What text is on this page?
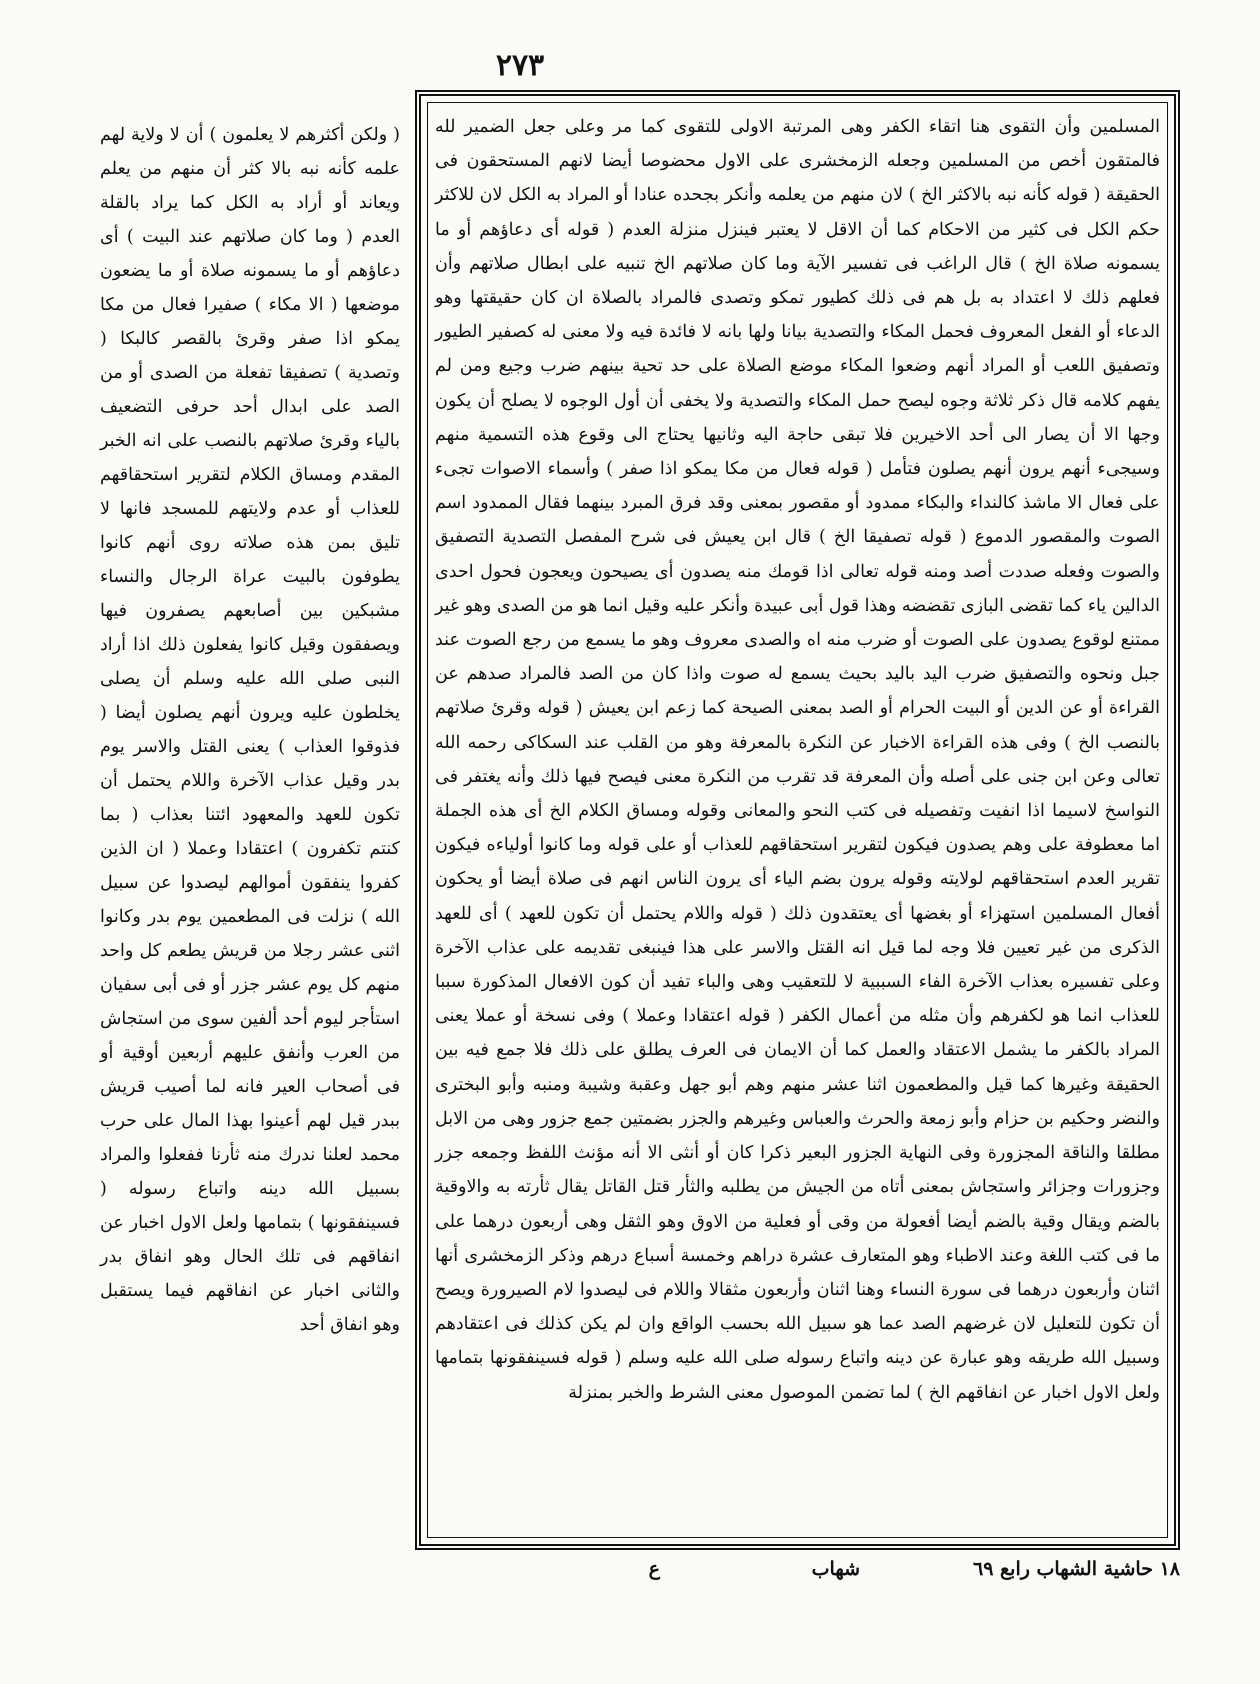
٢٧٣

( ولكن أكثرهم لا يعلمون ) أن لا ولاية لهم علمه كأنه نبه بالا كثر أن منهم من يعلم ويعاند أو أراد به الكل كما يراد بالقلة العدم ( وما كان صلاتهم عند البيت ) أى دعاؤهم أو ما يسمونه صلاة أو ما يضعون موضعها ( الا مكاء ) صفيرا فعال من مكا يمكو اذا صفر وقرئ بالقصر كالبكا ( وتصدية ) تصفيقا تفعلة من الصدى أو من الصد على ابدال أحد حرفى التضعيف بالياء وقرئ صلاتهم بالنصب على انه الخبر المقدم ومساق الكلام لتقرير استحقاقهم للعذاب أو عدم ولايتهم للمسجد فانها لا تليق بمن هذه صلاته روى أنهم كانوا يطوفون بالبيت عراة الرجال والنساء مشبكين بين أصابعهم يصفرون فيها ويصفقون وقيل كانوا يفعلون ذلك اذا أراد النبى صلى الله عليه وسلم أن يصلى يخلطون عليه ويرون أنهم يصلون أيضا ( فذوقوا العذاب ) يعنى القتل والاسر يوم بدر وقيل عذاب الآخرة واللام يحتمل أن تكون للعهد والمعهود ائتنا بعذاب ( بما كنتم تكفرون ) اعتقادا وعملا ( ان الذين كفروا ينفقون أموالهم ليصدوا عن سبيل الله ) نزلت فى المطعمين يوم بدر وكانوا اثنى عشر رجلا من قريش يطعم كل واحد منهم كل يوم عشر جزر أو فى أبى سفيان استأجر ليوم أحد ألفين سوى من استجاش من العرب وأنفق عليهم أربعين أوقية أو فى أصحاب العير فانه لما أصيب قريش ببدر قيل لهم أعينوا بهذا المال على حرب محمد لعلنا ندرك منه ثأرنا ففعلوا والمراد بسبيل الله دينه واتباع رسوله ( فسينفقونها ) بتمامها ولعل الاول اخبار عن انفاقهم فى تلك الحال وهو انفاق بدر والثانى اخبار عن انفاقهم فيما يستقبل وهو انفاق أحد

المسلمين وأن التقوى هنا اتقاء الكفر وهى المرتبة الاولى للتقوى كما مر وعلى جعل الضمير لله فالمتقون أخص من المسلمين وجعله الزمخشرى على الاول محضوصا أيضا لانهم المستحقون فى الحقيقة ( قوله كأنه نبه بالاكثر الخ ) لان منهم من يعلمه وأنكر بجحده عنادا أو المراد به الكل لان للاكثر حكم الكل فى كثير من الاحكام كما أن الاقل لا يعتبر فينزل منزلة العدم ( قوله أى دعاؤهم أو ما يسمونه صلاة الخ ) قال الراغب فى تفسير الآية وما كان صلاتهم الخ تنبيه على ابطال صلاتهم وأن فعلهم ذلك لا اعتداد به بل هم فى ذلك كطيور تمكو وتصدى فالمراد بالصلاة ان كان حقيقتها وهو الدعاء أو الفعل المعروف فحمل المكاء والتصدية بيانا ولها بانه لا فائدة فيه ولا معنى له كصفير الطيور وتصفيق اللعب أو المراد أنهم وضعوا المكاء موضع الصلاة على حد تحية بينهم ضرب وجيع ومن لم يفهم كلامه قال ذكر ثلاثة وجوه ليصح حمل المكاء والتصدية ولا يخفى أن أول الوجوه لا يصلح أن يكون وجها الا أن يصار الى أحد الاخيرين فلا تبقى حاجة اليه وثانيها يحتاج الى وقوع هذه التسمية منهم وسيجىء أنهم يرون أنهم يصلون فتأمل ( قوله فعال من مكا يمكو اذا صفر ) وأسماء الاصوات تجىء على فعال الا ماشذ كالنداء والبكاء ممدود أو مقصور بمعنى وقد فرق المبرد بينهما فقال الممدود اسم الصوت والمقصور الدموع ( قوله تصفيقا الخ ) قال ابن يعيش فى شرح المفصل التصدية التصفيق والصوت وفعله صددت أصد ومنه قوله تعالى اذا قومك منه يصدون أى يصيحون ويعجون فحول احدى الدالين ياء كما تقضى البازى تقضضه وهذا قول أبى عبيدة وأنكر عليه وقيل انما هو من الصدى وهو غير ممتنع لوقوع يصدون على الصوت أو ضرب منه اه والصدى معروف وهو ما يسمع من رجع الصوت عند جبل ونحوه والتصفيق ضرب اليد باليد بحيث يسمع له صوت واذا كان من الصد فالمراد صدهم عن القراءة أو عن الدين أو البيت الحرام أو الصد بمعنى الصيحة كما زعم ابن يعيش ( قوله وقرئ صلاتهم بالنصب الخ ) وفى هذه القراءة الاخبار عن النكرة بالمعرفة وهو من القلب عند السكاكى رحمه الله تعالى وعن ابن جنى على أصله وأن المعرفة قد تقرب من النكرة معنى فيصح فيها ذلك وأنه يغتفر فى النواسخ لاسيما اذا انفيت وتفصيله فى كتب النحو والمعانى وقوله ومساق الكلام الخ أى هذه الجملة اما معطوفة على وهم يصدون فيكون لتقرير استحقاقهم للعذاب أو على قوله وما كانوا أولياءه فيكون تقرير العدم استحقاقهم لولايته وقوله يرون بضم الياء أى يرون الناس انهم فى صلاة أيضا أو يحكون أفعال المسلمين استهزاء أو بغضها أى يعتقدون ذلك ( قوله واللام يحتمل أن تكون للعهد ) أى للعهد الذكرى من غير تعيين فلا وجه لما قيل انه القتل والاسر على هذا فينبغى تقديمه على عذاب الآخرة وعلى تفسيره بعذاب الآخرة الفاء السببية لا للتعقيب وهى والباء تفيد أن كون الافعال المذكورة سببا للعذاب انما هو لكفرهم وأن مثله من أعمال الكفر ( قوله اعتقادا وعملا ) وفى نسخة أو عملا يعنى المراد بالكفر ما يشمل الاعتقاد والعمل كما أن الايمان فى العرف يطلق على ذلك فلا جمع فيه بين الحقيقة وغيرها كما قيل والمطعمون اثنا عشر منهم وهم أبو جهل وعقبة وشيبة ومنبه وأبو البخترى والنضر وحكيم بن حزام وأبو زمعة والحرث والعباس وغيرهم والجزر بضمتين جمع جزور وهى من الابل مطلقا والناقة المجزورة وفى النهاية الجزور البعير ذكرا كان أو أنثى الا أنه مؤنث اللفظ وجمعه جزر وجزورات وجزائر واستجاش بمعنى أتاه من الجيش من يطلبه والثأر قتل القاتل يقال ثأرته به والاوقية بالضم ويقال وقية بالضم أيضا أفعولة من وقى أو فعلية من الاوق وهو الثقل وهى أربعون درهما على ما فى كتب اللغة وعند الاطباء وهو المتعارف عشرة دراهم وخمسة أسباع درهم وذكر الزمخشرى أنها اثنان وأربعون درهما فى سورة النساء وهنا اثنان وأربعون مثقالا واللام فى ليصدوا لام الصيرورة ويصح أن تكون للتعليل لان غرضهم الصد عما هو سبيل الله بحسب الواقع وان لم يكن كذلك فى اعتقادهم وسبيل الله طريقه وهو عبارة عن دينه واتباع رسوله صلى الله عليه وسلم ( قوله فسينفقونها بتمامها ولعل الاول اخبار عن انفاقهم الخ ) لما تضمن الموصول معنى الشرط والخبر بمنزلة

١٨ حاشية الشهاب رابع ٦٩
شهاب
ع
